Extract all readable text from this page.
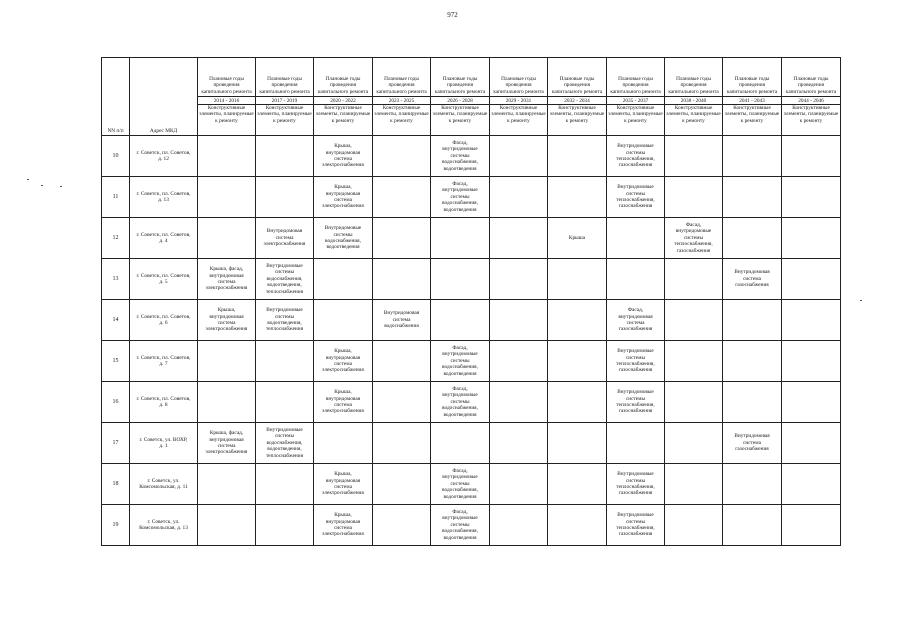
972
NN п/п	Адрес МКД	Плановые годы проведения капитального ремонта	Плановые годы проведения капитального ремонта	Плановые годы проведения капитального ремонта	Плановые годы проведения капитального ремонта	Плановые годы проведения капитального ремонта	Плановые годы проведения капитального ремонта	Плановые годы проведения капитального ремонта	Плановые годы проведения капитального ремонта	Плановые годы проведения капитального ремонта	Плановые годы проведения капитального ремонта	Плановые годы проведения капитального ремонта
		2014 - 2016	2017 - 2019	2020 - 2022	2023 - 2025	2026 - 2028	2029 - 2031	2032 - 2034	2035 - 2037	2038 - 2040	2041 - 2043	2044 - 2046
		Конструктивные элементы, планируемые к ремонту	Конструктивные элементы, планируемые к ремонту	Конструктивные элементы, планируемые к ремонту	Конструктивные элементы, планируемые к ремонту	Конструктивные элементы, планируемые к ремонту	Конструктивные элементы, планируемые к ремонту	Конструктивные элементы, планируемые к ремонту	Конструктивные элементы, планируемые к ремонту	Конструктивные элементы, планируемые к ремонту	Конструктивные элементы, планируемые к ремонту	Конструктивные элементы, планируемые к ремонту
10	г. Советск, пл. Советов,
д. 12			Крыша,
внутридомовая
система
электроснабжения		Фасад,
внутридомовые
системы
водоснабжения,
водоотведения			Внутридомовые
системы
теплоснабжения,
газоснабжения			
11	г. Советск, пл. Советов,
д. 13			Крыша,
внутридомовая
система
электроснабжения		Фасад,
внутридомовые
системы
водоснабжения,
водоотведения			Внутридомовые
системы
теплоснабжения,
газоснабжения			
12	г. Советск, пл. Советов,
д. 4		Внутридомовая
система
электроснабжения	Внутридомовые
системы
водоснабжения,
водоотведения				Крыша		Фасад,
внутридомовые
системы
теплоснабжения,
газоснабжения		
13	г. Советск, пл. Советов,
д. 5	Крыша, фасад,
внутридомовая
система
электроснабжения	Внутридомовые
системы
водоснабжения,
водоотведения,
теплоснабжения								Внутридомовая
система
газоснабжения	
14	г. Советск, пл. Советов,
д. 6	Крыша,
внутридомовая
система
электроснабжения	Внутридомовые
системы
водоотведения,
теплоснабжения		Внутридомовая
система
водоснабжения				Фасад,
внутридомовая
система
газоснабжения			
15	г. Советск, пл. Советов,
д. 7			Крыша,
внутридомовая
система
электроснабжения		Фасад,
внутридомовые
системы
водоснабжения,
водоотведения			Внутридомовые
системы
теплоснабжения,
газоснабжения			
16	г. Советск, пл. Советов,
д. 8			Крыша,
внутридомовая
система
электроснабжения		Фасад,
внутридомовые
системы
водоснабжения,
водоотведения			Внутридомовые
системы
теплоснабжения,
газоснабжения			
17	г. Советск, ул. ВОХР,
д. 1	Крыша, фасад,
внутридомовая
система
электроснабжения	Внутридомовые
системы
водоснабжения,
водоотведения,
теплоснабжения								Внутридомовая
система
газоснабжения	
18	г. Советск, ул.
Комсомольская, д. 11			Крыша,
внутридомовая
система
электроснабжения		Фасад,
внутридомовые
системы
водоснабжения,
водоотведения			Внутридомовые
системы
теплоснабжения,
газоснабжения			
19	г. Советск, ул.
Комсомольская, д. 13			Крыша,
внутридомовая
система
электроснабжения		Фасад,
внутридомовые
системы
водоснабжения,
водоотведения			Внутридомовые
системы
теплоснабжения,
газоснабжения			
